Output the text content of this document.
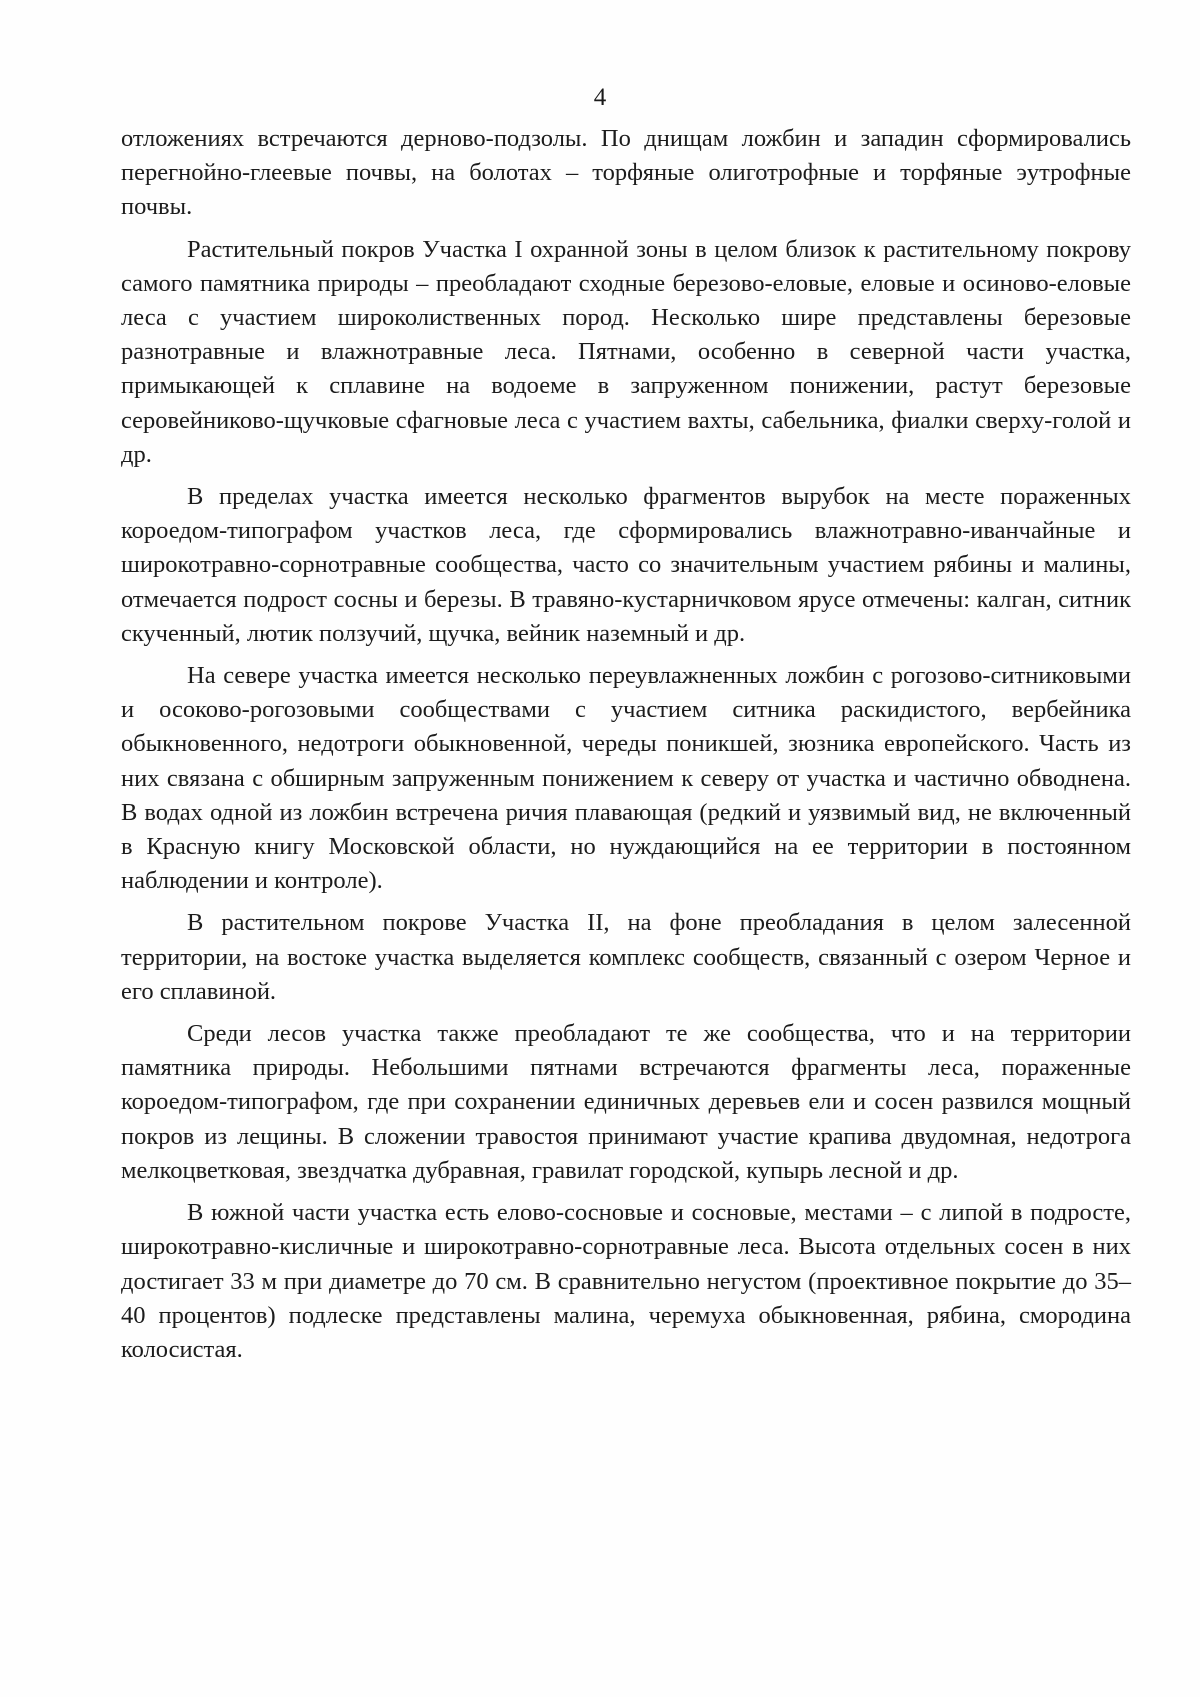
4

отложениях встречаются дерново-подзолы. По днищам ложбин и западин сформировались перегнойно-глеевые почвы, на болотах – торфяные олиготрофные и торфяные эутрофные почвы.

Растительный покров Участка I охранной зоны в целом близок к растительному покрову самого памятника природы – преобладают сходные березово-еловые, еловые и осиново-еловые леса с участием широколиственных пород. Несколько шире представлены березовые разнотравные и влажнотравные леса. Пятнами, особенно в северной части участка, примыкающей к сплавине на водоеме в запруженном понижении, растут березовые серовейниково-щучковые сфагновые леса с участием вахты, сабельника, фиалки сверху-голой и др.

В пределах участка имеется несколько фрагментов вырубок на месте пораженных короедом-типографом участков леса, где сформировались влажнотравно-иванчайные и широкотравно-сорнотравные сообщества, часто со значительным участием рябины и малины, отмечается подрост сосны и березы. В травяно-кустарничковом ярусе отмечены: калган, ситник скученный, лютик ползучий, щучка, вейник наземный и др.

На севере участка имеется несколько переувлажненных ложбин с рогозово-ситниковыми и осоково-рогозовыми сообществами с участием ситника раскидистого, вербейника обыкновенного, недотроги обыкновенной, череды поникшей, зюзника европейского. Часть из них связана с обширным запруженным понижением к северу от участка и частично обводнена. В водах одной из ложбин встречена ричия плавающая (редкий и уязвимый вид, не включенный в Красную книгу Московской области, но нуждающийся на ее территории в постоянном наблюдении и контроле).

В растительном покрове Участка II, на фоне преобладания в целом залесенной территории, на востоке участка выделяется комплекс сообществ, связанный с озером Черное и его сплавиной.

Среди лесов участка также преобладают те же сообщества, что и на территории памятника природы. Небольшими пятнами встречаются фрагменты леса, пораженные короедом-типографом, где при сохранении единичных деревьев ели и сосен развился мощный покров из лещины. В сложении травостоя принимают участие крапива двудомная, недотрога мелкоцветковая, звездчатка дубравная, гравилат городской, купырь лесной и др.

В южной части участка есть елово-сосновые и сосновые, местами – с липой в подросте, широкотравно-кисличные и широкотравно-сорнотравные леса. Высота отдельных сосен в них достигает 33 м при диаметре до 70 см. В сравнительно негустом (проективное покрытие до 35–40 процентов) подлеске представлены малина, черемуха обыкновенная, рябина, смородина колосистая.
